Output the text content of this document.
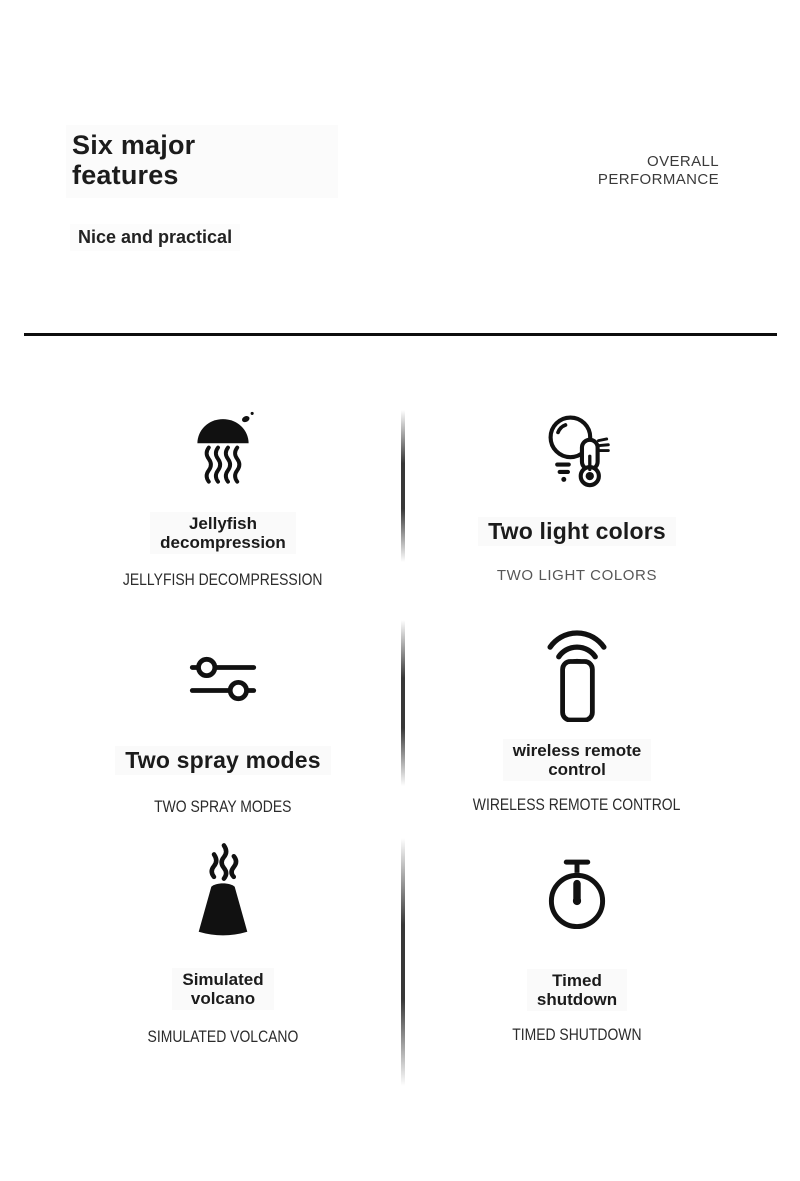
Six major
features
Nice and practical
OVERALL
PERFORMANCE
Jellyfish
decompression
JELLYFISH DECOMPRESSION
Two light colors
TWO LIGHT COLORS
Two spray modes
TWO SPRAY MODES
wireless remote
control
WIRELESS REMOTE CONTROL
Simulated
volcano
SIMULATED VOLCANO
Timed
shutdown
TIMED SHUTDOWN
